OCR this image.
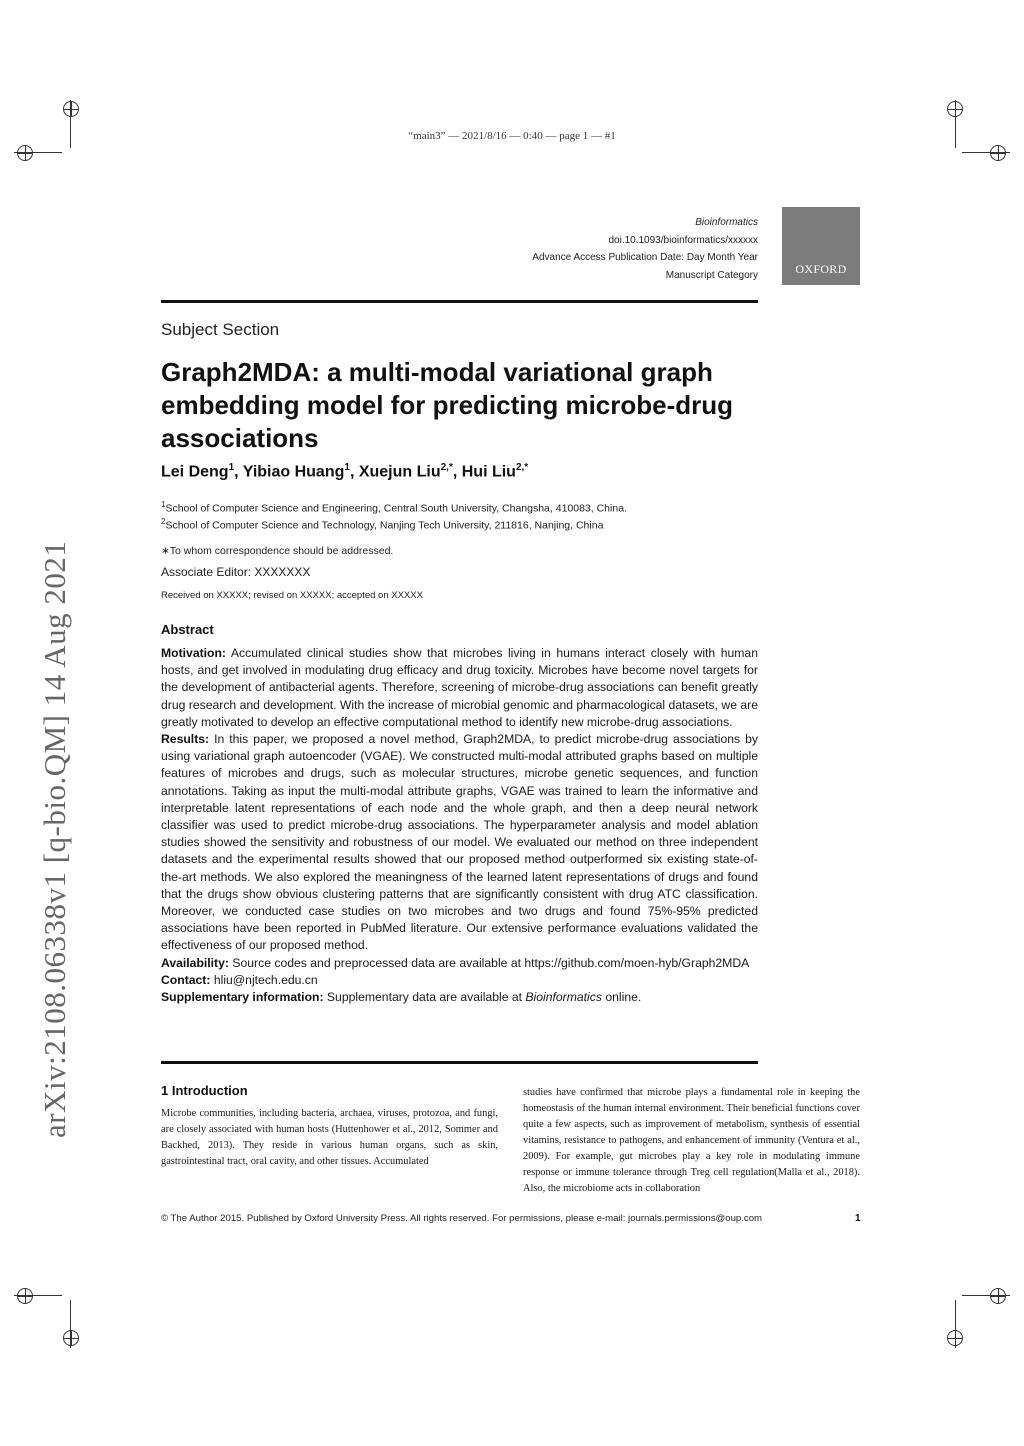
“main3” — 2021/8/16 — 0:40 — page 1 — #1
Bioinformatics
doi.10.1093/bioinformatics/xxxxxx
Advance Access Publication Date: Day Month Year
Manuscript Category	OXFORD
Subject Section
Graph2MDA: a multi-modal variational graph embedding model for predicting microbe-drug associations
Lei Deng$^1$, Yibiao Huang$^1$, Xuejun Liu$^{2,*}$, Hui Liu$^{2,*}$
$^1$School of Computer Science and Engineering, Central South University, Changsha, 410083, China.
$^2$School of Computer Science and Technology, Nanjing Tech University, 211816, Nanjing, China
∗To whom correspondence should be addressed.
Associate Editor: XXXXXXX
Received on XXXXX; revised on XXXXX; accepted on XXXXX
Abstract

Motivation: Accumulated clinical studies show that microbes living in humans interact closely with human hosts, and get involved in modulating drug efficacy and drug toxicity. Microbes have become novel targets for the development of antibacterial agents. Therefore, screening of microbe-drug associations can benefit greatly drug research and development. With the increase of microbial genomic and pharmacological datasets, we are greatly motivated to develop an effective computational method to identify new microbe-drug associations.

Results: In this paper, we proposed a novel method, Graph2MDA, to predict microbe-drug associations by using variational graph autoencoder (VGAE). We constructed multi-modal attributed graphs based on multiple features of microbes and drugs, such as molecular structures, microbe genetic sequences, and function annotations. Taking as input the multi-modal attribute graphs, VGAE was trained to learn the informative and interpretable latent representations of each node and the whole graph, and then a deep neural network classifier was used to predict microbe-drug associations. The hyperparameter analysis and model ablation studies showed the sensitivity and robustness of our model. We evaluated our method on three independent datasets and the experimental results showed that our proposed method outperformed six existing state-of-the-art methods. We also explored the meaningness of the learned latent representations of drugs and found that the drugs show obvious clustering patterns that are significantly consistent with drug ATC classification. Moreover, we conducted case studies on two microbes and two drugs and found 75%-95% predicted associations have been reported in PubMed literature. Our extensive performance evaluations validated the effectiveness of our proposed method.

Availability: Source codes and preprocessed data are available at https://github.com/moen-hyb/Graph2MDA

Contact: hliu@njtech.edu.cn

Supplementary information: Supplementary data are available at Bioinformatics online.

1 Introduction
Microbe communities, including bacteria, archaea, viruses, protozoa, and fungi, are closely associated with human hosts (Huttenhower et al., 2012, Sommer and Backhed, 2013). They reside in various human organs, such as skin, gastrointestinal tract, oral cavity, and other tissues. Accumulated
studies have confirmed that microbe plays a fundamental role in keeping the homeostasis of the human internal environment. Their beneficial functions cover quite a few aspects, such as improvement of metabolism, synthesis of essential vitamins, resistance to pathogens, and enhancement of immunity (Ventura et al., 2009). For example, gut microbes play a key role in modulating immune response or immune tolerance through Treg cell regulation(Malla et al., 2018). Also, the microbiome acts in collaboration
© The Author 2015. Published by Oxford University Press. All rights reserved. For permissions, please e-mail: journals.permissions@oup.com	1
arXiv:2108.06338v1 [q-bio.QM] 14 Aug 2021
